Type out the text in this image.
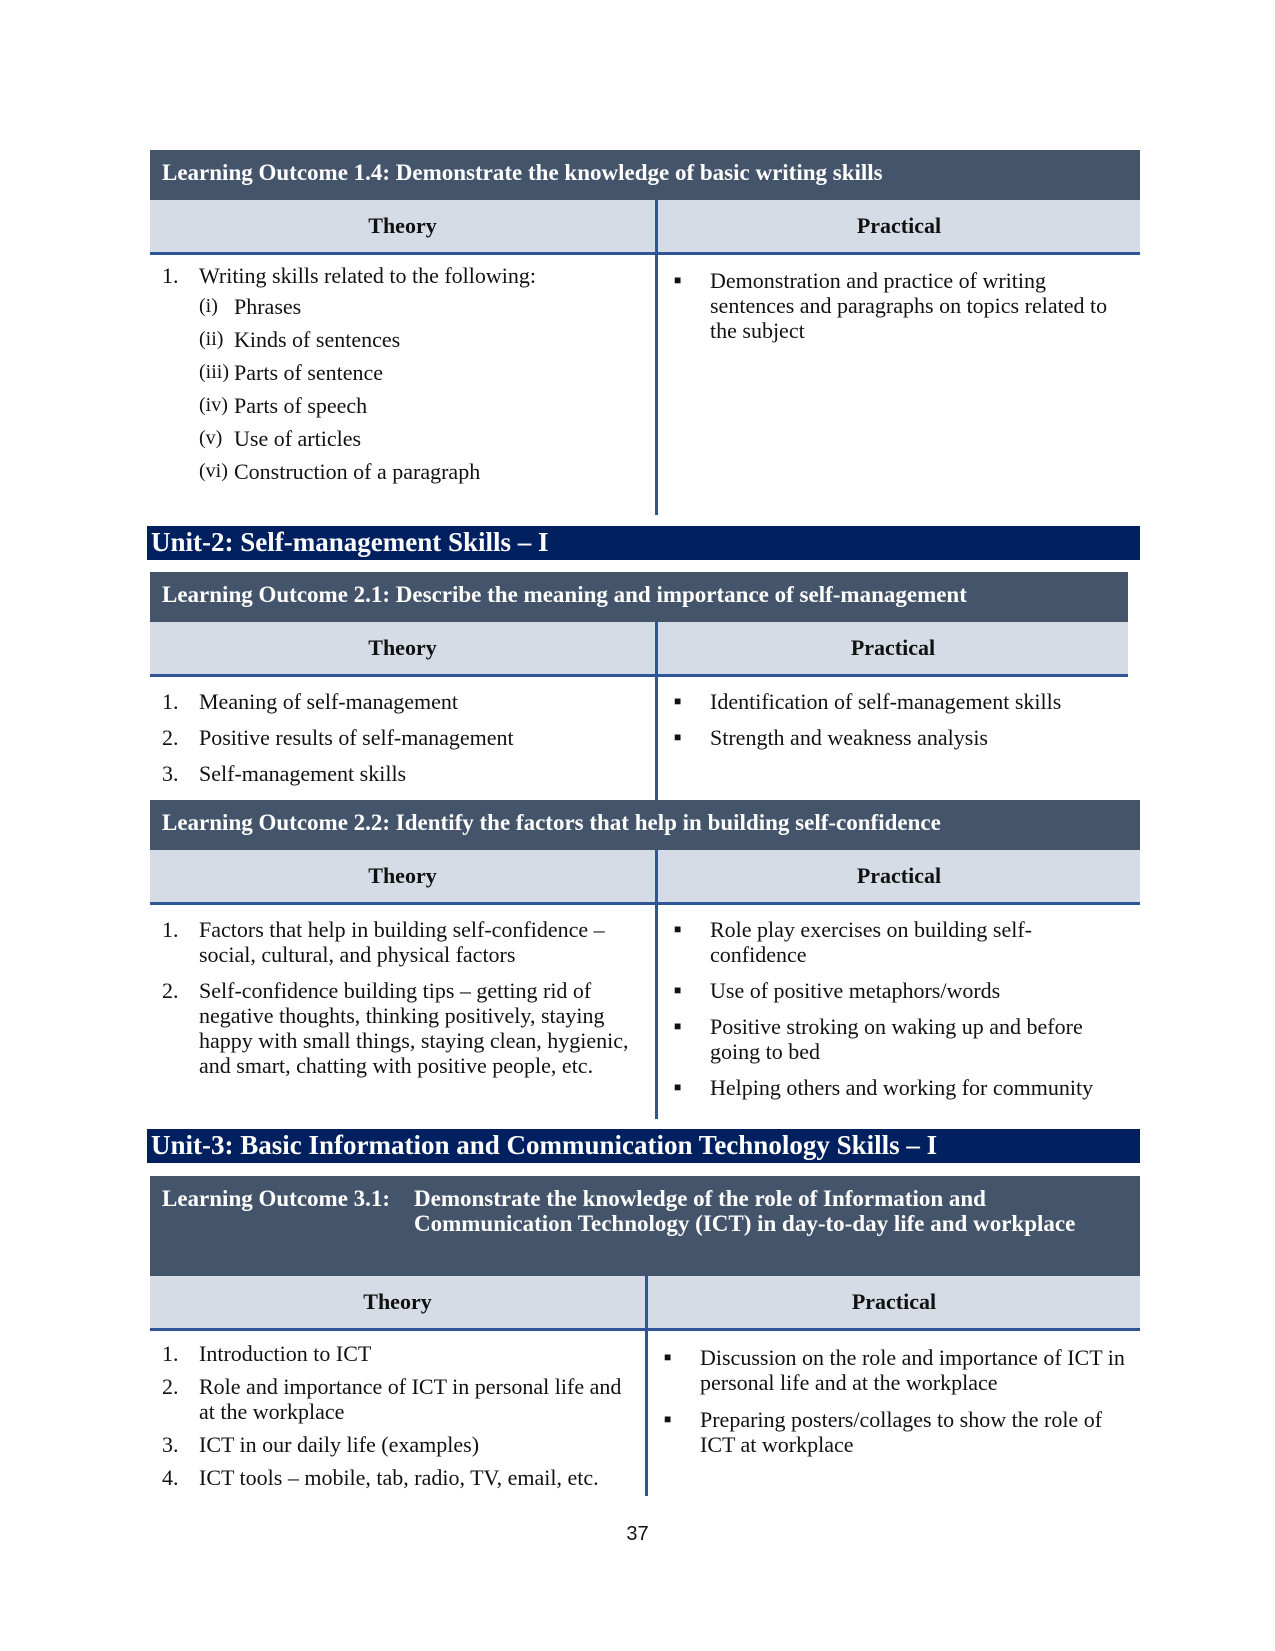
Learning Outcome 1.4: Demonstrate the knowledge of basic writing skills
Theory	Practical
1. Writing skills related to the following:
(i) Phrases
(ii) Kinds of sentences
(iii) Parts of sentence
(iv) Parts of speech
(v) Use of articles
(vi) Construction of a paragraph
■	Demonstration and practice of writing sentences and paragraphs on topics related to the subject
Unit-2: Self-management Skills – I
Learning Outcome 2.1: Describe the meaning and importance of self-management
Theory	Practical
1. Meaning of self-management
2. Positive results of self-management
3. Self-management skills
■	Identification of self-management skills
■	Strength and weakness analysis
Learning Outcome 2.2: Identify the factors that help in building self-confidence
Theory	Practical
1. Factors that help in building self-confidence – social, cultural, and physical factors
2. Self-confidence building tips – getting rid of negative thoughts, thinking positively, staying happy with small things, staying clean, hygienic, and smart, chatting with positive people, etc.
■	Role play exercises on building self-confidence
■	Use of positive metaphors/words
■	Positive stroking on waking up and before going to bed
■	Helping others and working for community
Unit-3: Basic Information and Communication Technology Skills – I
Learning Outcome 3.1:	Demonstrate the knowledge of the role of Information and Communication Technology (ICT) in day-to-day life and workplace
Theory	Practical
1. Introduction to ICT
2. Role and importance of ICT in personal life and at the workplace
3. ICT in our daily life (examples)
4. ICT tools – mobile, tab, radio, TV, email, etc.
■	Discussion on the role and importance of ICT in personal life and at the workplace
■	Preparing posters/collages to show the role of ICT at workplace
37
